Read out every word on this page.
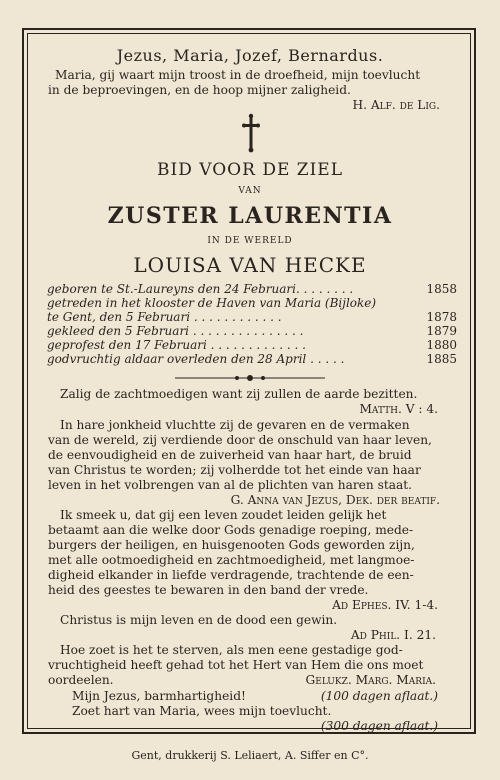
Jezus, Maria, Jozef, Bernardus.
Maria, gij waart mijn troost in de droefheid, mijn toevlucht
in de beproevingen, en de hoop mijner zaligheid.
H. Alf. de Lig.
BID VOOR DE ZIEL
VAN
ZUSTER LAURENTIA
IN DE WERELD
LOUISA VAN HECKE
geboren te St.-Laureyns den 24 Februari. . . . . . . .	1858
getreden in het klooster de Haven van Maria (Bijloke)
te Gent, den 5 Februari . . . . . . . . . . . .	1878
gekleed den 5 Februari . . . . . . . . . . . . . . .	1879
geprofest den 17 Februari . . . . . . . . . . . . .	1880
godvruchtig aldaar overleden den 28 April . . . . .	1885
Zalig de zachtmoedigen want zij zullen de aarde bezitten.
Matth. V : 4.
In hare jonkheid vluchtte zij de gevaren en de vermaken
van de wereld, zij verdiende door de onschuld van haar leven,
de eenvoudigheid en de zuiverheid van haar hart, de bruid
van Christus te worden; zij volherdde tot het einde van haar
leven in het volbrengen van al de plichten van haren staat.
G. Anna van Jezus, Dek. der beatif.
Ik smeek u, dat gij een leven zoudet leiden gelijk het
betaamt aan die welke door Gods genadige roeping, mede-
burgers der heiligen, en huisgenooten Gods geworden zijn,
met alle ootmoedigheid en zachtmoedigheid, met langmoe-
digheid elkander in liefde verdragende, trachtende de een-
heid des geestes te bewaren in den band der vrede.
Ad Ephes. IV. 1-4.
Christus is mijn leven en de dood een gewin.
Ad Phil. I. 21.
Hoe zoet is het te sterven, als men eene gestadige god-
vruchtigheid heeft gehad tot het Hert van Hem die ons moet
oordeelen.	Gelukz. Marg. Maria.
Mijn Jezus, barmhartigheid!	(100 dagen aflaat.)
Zoet hart van Maria, wees mijn toevlucht.
(300 dagen aflaat.)
Gent, drukkerij S. Leliaert, A. Siffer en C°.
